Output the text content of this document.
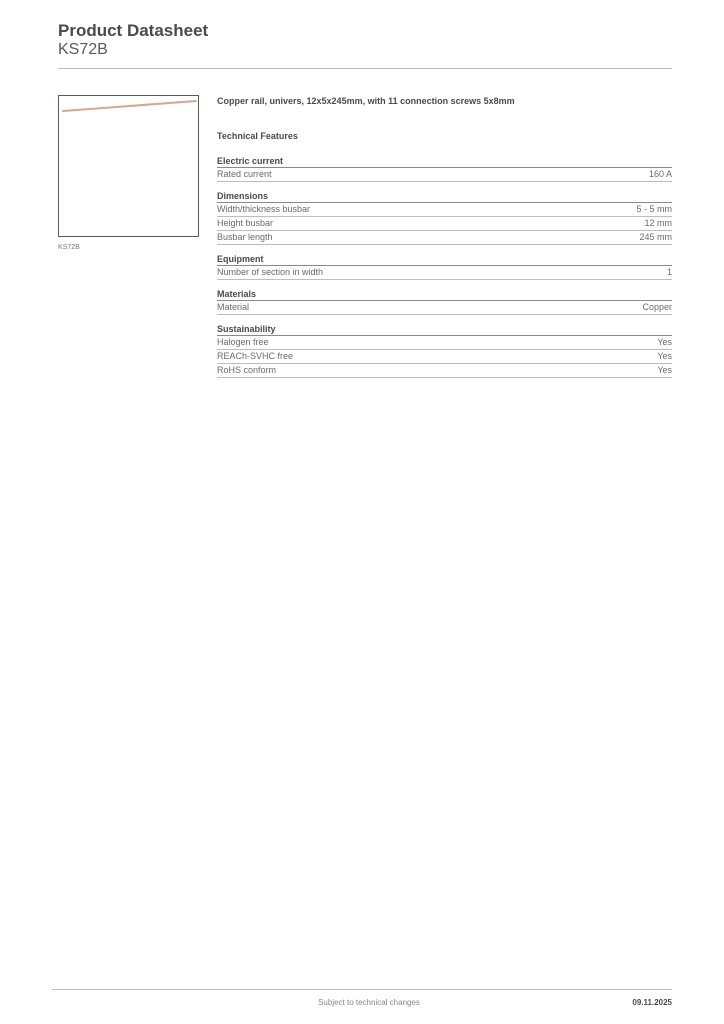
Product Datasheet
KS72B
KS72B
Copper rail, univers, 12x5x245mm, with 11 connection screws 5x8mm
Technical Features
Electric current
Rated current	160 A
Dimensions
Width/thickness busbar	5 - 5 mm
Height busbar	12 mm
Busbar length	245 mm
Equipment
Number of section in width	1
Materials
Material	Copper
Sustainability
Halogen free	Yes
REACh-SVHC free	Yes
RoHS conform	Yes
Subject to technical changes	09.11.2025
